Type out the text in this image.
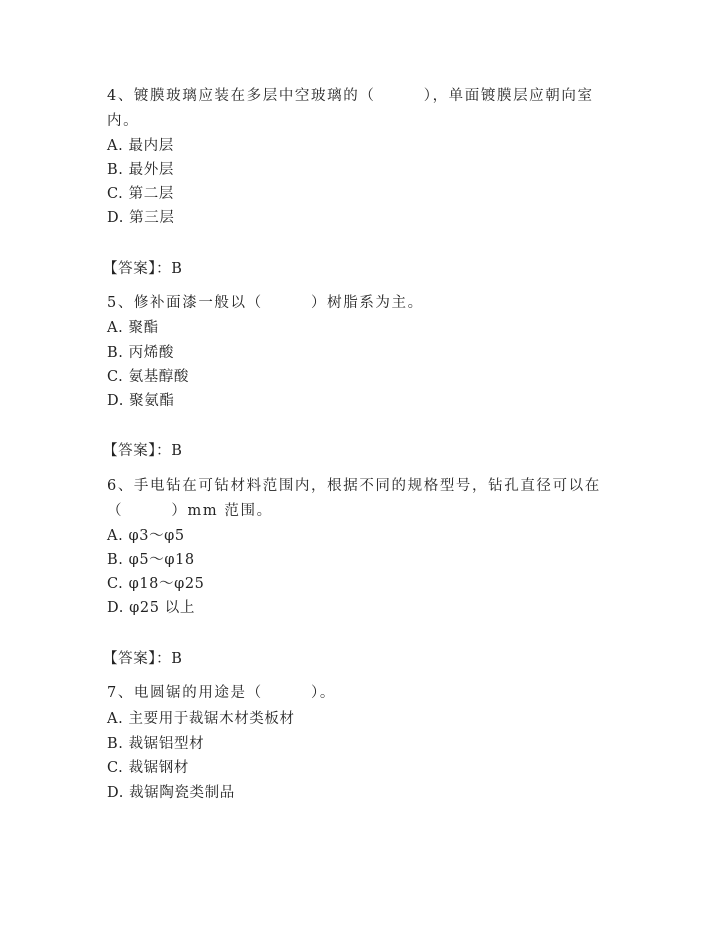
4、镀膜玻璃应装在多层中空玻璃的（　　　），单面镀膜层应朝向室
内。
A. 最内层
B. 最外层
C. 第二层
D. 第三层
【答案】：B
5、修补面漆一般以（　　　）树脂系为主。
A. 聚酯
B. 丙烯酸
C. 氨基醇酸
D. 聚氨酯
【答案】：B
6、手电钻在可钻材料范围内，根据不同的规格型号，钻孔直径可以在
（　　　）mm 范围。
A. φ3～φ5
B. φ5～φ18
C. φ18～φ25
D. φ25 以上
【答案】：B
7、电圆锯的用途是（　　　）。
A. 主要用于裁锯木材类板材
B. 裁锯铝型材
C. 裁锯钢材
D. 裁锯陶瓷类制品
